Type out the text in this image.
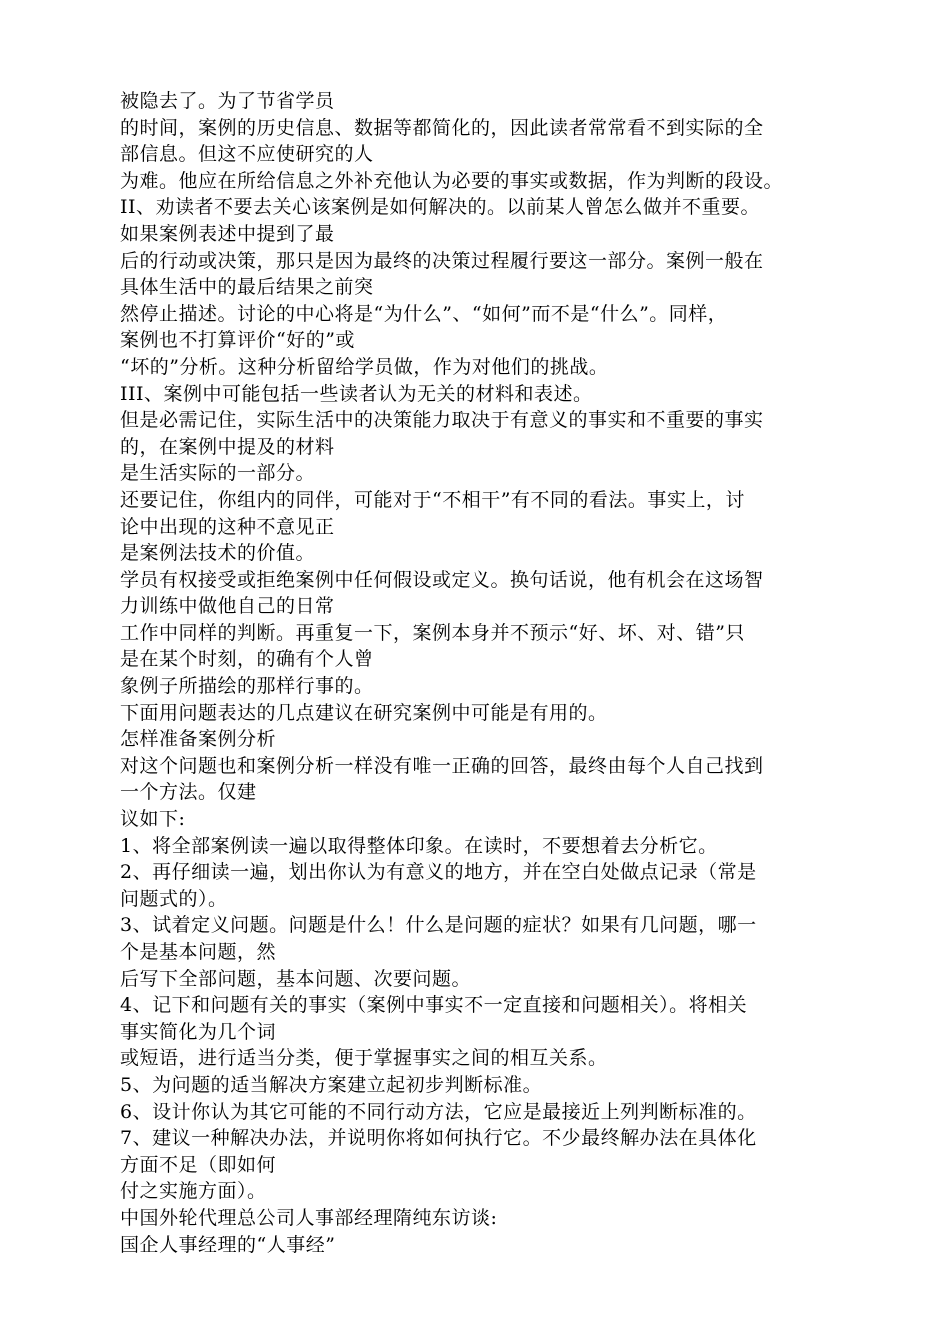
被隐去了。为了节省学员
的时间，案例的历史信息、数据等都简化的，因此读者常常看不到实际的全
部信息。但这不应使研究的人
为难。他应在所给信息之外补充他认为必要的事实或数据，作为判断的段设。
II、劝读者不要去关心该案例是如何解决的。以前某人曾怎么做并不重要。
如果案例表述中提到了最
后的行动或决策，那只是因为最终的决策过程履行要这一部分。案例一般在
具体生活中的最后结果之前突
然停止描述。讨论的中心将是“为什么”、“如何”而不是“什么”。同样，
案例也不打算评价“好的”或
“坏的”分析。这种分析留给学员做，作为对他们的挑战。
III、案例中可能包括一些读者认为无关的材料和表述。
但是必需记住，实际生活中的决策能力取决于有意义的事实和不重要的事实
的，在案例中提及的材料
是生活实际的一部分。
还要记住，你组内的同伴，可能对于“不相干”有不同的看法。事实上，讨
论中出现的这种不意见正
是案例法技术的价值。
学员有权接受或拒绝案例中任何假设或定义。换句话说，他有机会在这场智
力训练中做他自己的日常
工作中同样的判断。再重复一下，案例本身并不预示“好、坏、对、错”只
是在某个时刻，的确有个人曾
象例子所描绘的那样行事的。
下面用问题表达的几点建议在研究案例中可能是有用的。
怎样准备案例分析
对这个问题也和案例分析一样没有唯一正确的回答，最终由每个人自己找到
一个方法。仅建
议如下:
1、将全部案例读一遍以取得整体印象。在读时，不要想着去分析它。
2、再仔细读一遍，划出你认为有意义的地方，并在空白处做点记录（常是
问题式的）。
3、试着定义问题。问题是什么！什么是问题的症状？如果有几问题，哪一
个是基本问题，然
后写下全部问题，基本问题、次要问题。
4、记下和问题有关的事实（案例中事实不一定直接和问题相关）。将相关
事实简化为几个词
或短语，进行适当分类，便于掌握事实之间的相互关系。
5、为问题的适当解决方案建立起初步判断标准。
6、设计你认为其它可能的不同行动方法，它应是最接近上列判断标准的。
7、建议一种解决办法，并说明你将如何执行它。不少最终解办法在具体化
方面不足（即如何
付之实施方面）。
中国外轮代理总公司人事部经理隋纯东访谈:
国企人事经理的“人事经”
